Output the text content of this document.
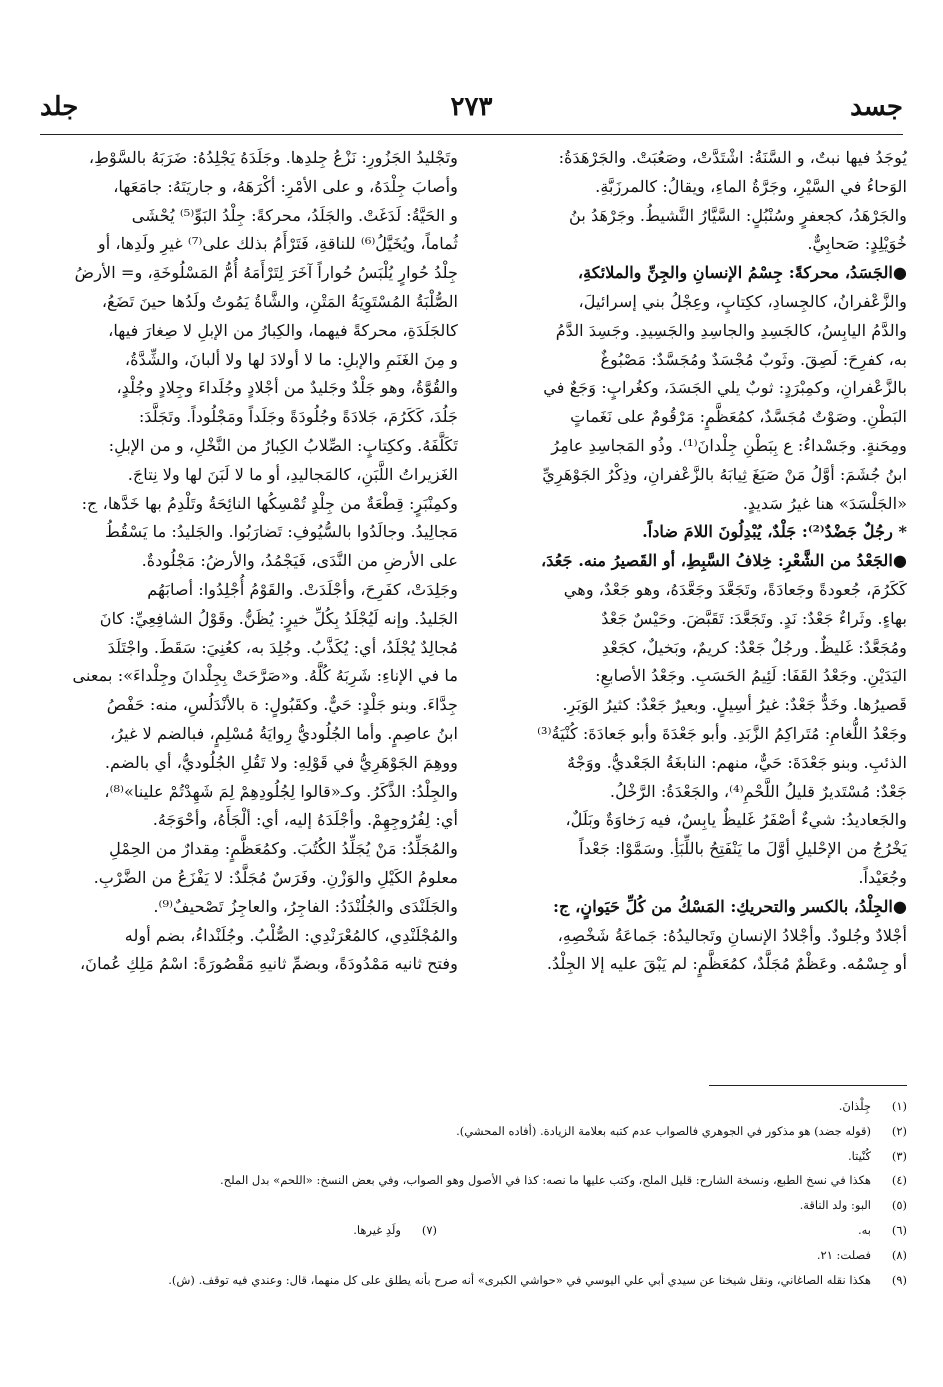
جسد
٢٧٣
جلد

يُوجَدُ فيها نبتٌ، و السَّنَةُ: اشْتَدَّتْ، وصَعُبَتْ. والجَرْهَدَةُ:

الوَحاءُ في السَّيْرِ، وجَرَّةُ الماءِ، ويقالُ: كالمرزَبَّةِ.

والجَرْهَدُ، كجعفرٍ وسُنْبُلٍ: السَّيَّارُ النَّشيطُ. وجَرْهَدُ بنُ

خُوَيْلِدٍ: صَحابِيٌّ.

●الجَسَدُ، محركةً: جِسْمُ الإنسانِ والجِنِّ والملائكةِ،

والزَّعْفرانُ، كالجِسادِ، ككِتابٍ، وعِجْلُ بني إسرائيلَ،

والدَّمُ اليابِسُ، كالجَسِدِ والجاسِدِ والجَسِيدِ. وجَسِدَ الدَّمُ

به، كفرِحَ: لَصِقَ. وثَوبٌ مُجْسَدٌ ومُجَسَّدٌ: مَصْبُوغٌ

بالزَّعْفرانِ، وكمِبْرَدٍ: ثوبٌ يلي الجَسَدَ، وكغُرابٍ: وَجَعٌ في

البَطْنِ. وصَوْتٌ مُجَسَّدٌ، كمُعَظَّمٍ: مَرْقُومٌ على نَغَماتٍ

ومِحَنةٍ. وجَسْداءُ: ع بِبَطْنِ جِلْدانَ⁽¹⁾. وذُو المَجاسِدِ عامِرُ

ابنُ جُشَمَ: أوَّلُ مَنْ صَبَغَ ثِيابَهُ بالزَّعْفرانِ، وذِكْرُ الجَوْهَرِيِّ

«الجَلْسَدَ» هنا غيرُ سَديدٍ.

* رجُلٌ جَضْدٌ⁽²⁾: جَلْدٌ، يُبْدِلُونَ اللامَ ضاداً.

●الجَعْدُ من الشَّعْرِ: خِلافُ السَّبِطِ، أو القَصيرُ منه. جَعُدَ،

كَكَرُمَ، جُعودةً وجَعادَةً، وتَجَعَّدَ وجَعَّدَهُ، وهو جَعْدٌ، وهي

بهاءٍ. وثَراءٌ جَعْدٌ: نَدٍ. وتَجَعَّدَ: تَقَبَّضَ. وحَيْسٌ جَعْدٌ

ومُجَعَّدٌ: غَليظٌ. ورجُلٌ جَعْدٌ: كريمٌ، وبَخيلٌ، كجَعْدِ

اليَدَيْنِ. وجَعْدُ القَفَا: لَئِيمُ الحَسَبِ. وجَعْدُ الأصابعِ:

قَصيرُها. وخَدٌّ جَعْدٌ: غيرُ أسِيلٍ. وبعيرٌ جَعْدٌ: كثيرُ الوَبَرِ.

وجَعْدُ اللُّغامِ: مُتَراكِمُ الزَّبَدِ. وأبو جَعْدَةَ وأبو جَعادَةَ: كُنْيَةُ⁽³⁾

الذئبِ. وبنو جَعْدَةَ: حَيٌّ، منهم: النابغَةُ الجَعْديُّ. ووَجْهٌ

جَعْدٌ: مُسْتَديرٌ قليلُ اللَّحْمِ⁽⁴⁾، والجَعْدَةُ: الرَّخْلُ.

والجَعاديدُ: شيءٌ أصْفَرُ غَليظٌ يابِسٌ، فيه رَخاوَةٌ وبَلَلٌ،

يَخْرُجُ من الإحْليلِ أوَّلَ ما يَنْفَتِحُ باللِّبَأِ. وسَمَّوْا: جَعْداً

وجُعَيْداً.

●الجِلْدُ، بالكسر والتحريكِ: المَسْكُ من كُلِّ حَيَوانٍ، ج:

أجْلادٌ وجُلودٌ. وأجْلادُ الإنسانِ وتَجاليدُهُ: جَماعَةُ شَخْصِهِ،

أو جِسْمُه. وعَظْمٌ مُجَلَّدٌ، كمُعَظَّمٍ: لم يَبْقَ عليه إلا الجِلْدُ.

وتَجْليدُ الجَزُورِ: نَزْعُ جِلدِها. وجَلَدَهُ يَجْلِدُهُ: ضَرَبَهُ بالسَّوْطِ،

وأصابَ جِلْدَهُ، و على الأمْرِ: أكْرَهَهُ، و جاريَتَهُ: جامَعَها،

و الحَيَّةُ: لَدَغَتْ. والجَلَدُ، محركةً: جِلْدُ البَوِّ⁽⁵⁾ يُحْشَى

ثُماماً، ويُخَيَّلُ⁽⁶⁾ للناقةِ، فَتَرْأَمُ بذلك على⁽⁷⁾ غيرِ ولَدِها، أو

جِلْدُ حُوارٍ يُلْبَسُ حُواراً آخَرَ لِتَرْأَمَهُ أُمُّ المَسْلُوخَةِ، و= الأرضُ

الصُّلْبَةُ المُسْتَوِيَةُ المَتْنِ، والشَّاةُ يَمُوتُ ولَدُها حينَ تَضَعُ،

كالجَلَدَةِ، محركةً فيهما، والكِبارُ من الإبلِ لا صِغارَ فيها،

و مِنَ الغَنَمِ والإبلِ: ما لا أولادَ لها ولا ألبانَ، والشِّدَّةُ،

والقُوَّةُ، وهو جَلْدٌ وجَليدٌ من أجْلادٍ وجُلَداءَ وجِلادٍ وجُلْدٍ،

جَلُدَ، كَكَرُمَ، جَلادَةً وجُلُودَةً وجَلَداً ومَجْلُوداً. وتَجَلَّدَ:

تَكَلَّفَهُ. وككِتابٍ: الصِّلابُ الكِبارُ من النَّخْلِ، و من الإبلِ:

الغَزيراتُ اللَّبَنِ، كالمَجاليدِ، أو ما لا لَبَنَ لها ولا نِتاجَ.

وكمِنْبَرٍ: قِطْعَةٌ من جِلْدٍ تُمْسِكُها النائِحَةُ وتَلْدِمُ بها خَدَّها، ج:

مَجالِيدُ. وجالَدُوا بالسُّيُوفِ: تَضارَبُوا. والجَليدُ: ما يَسْقُطُ

على الأرضِ من النَّدَى، فَيَجْمُدُ، والأرضُ: مَجْلُودةٌ.

وجَلِدَتْ، كفَرِحَ، وأجْلَدَتْ. والقَوْمُ أُجْلِدُوا: أصابَهُم

الجَليدُ. وإنه لَيُجْلَدُ بِكُلِّ خيرٍ: يُظَنُّ. وقَوْلُ الشافِعِيِّ: كانَ

مُجالِدٌ يُجْلَدُ، أي: يُكَذَّبُ. وجُلِدَ به، كعُنِيَ: سَقَطَ. واجْتَلَدَ

ما في الإناءِ: شَرِبَهُ كُلَّهُ. و«صَرَّحَتْ بِجِلْدانَ وجِلْداءَ»: بمعنى

جِدَّاءَ. وبنو جَلْدٍ: حَيٌّ. وكقَبُولٍ: ة بالأنْدَلُسِ، منه: حَفْصُ

ابنُ عاصِمٍ. وأما الجُلُوديُّ رِوايَةُ مُسْلِمٍ، فبالضم لا غيرُ،

ووهِمَ الجَوْهَرِيُّ في قَوْلِهِ: ولا تَقُلِ الجُلُوديُّ، أي بالضم.

والجِلْدُ: الذَّكَرُ. وكـ«قالوا لِجُلُودِهِمْ لِمَ شَهِدْتُمْ علينا»⁽⁸⁾،

أي: لِفُرُوجِهِمْ. وأجْلَدَهُ إليه، أي: ألْجَأَهُ، وأحْوَجَهُ.

والمُجَلِّدُ: مَنْ يُجَلِّدُ الكُتُبَ. وكمُعَظَّمٍ: مِقدارٌ من الحِمْلِ

معلومُ الكَيْلِ والوَزْنِ. وفَرَسٌ مُجَلَّدٌ: لا يَفْزَعُ من الضَّرْبِ.

والجَلَنْدَى والجُلُنْدَدُ: الفاجِرُ، والعاجِزُ تَصْحيفٌ⁽⁹⁾.

والمُجْلَنْدِي، كالمُعْرَنْدِي: الصُّلْبُ. وجُلَنْداءُ، بضم أوله

وفتح ثانيه مَمْدُودَةً، وبضمِّ ثانيهِ مَقْصُورَةً: اسْمُ مَلِكِ عُمانَ،

(١)جِلْذانَ.
(٢)(قوله جضد) هو مذكور في الجوهري فالصواب عدم كتبه بعلامة الزيادة. (أفاده المحشي).
(٣)كُنْيتا.
(٤)هكذا في نسخ الطبع، ونسخة الشارح: قليل الملح، وكتب عليها ما نصه: كذا في الأصول وهو الصواب، وفي بعض النسخ: «اللحم» بدل الملح.
(٥)البو: ولد الناقة.
(٦)به.
(٧)ولَدِ غيرها.
(٨)فصلت: ٢١.
(٩)هكذا نقله الصاغاني، ونقل شيخنا عن سيدي أبي علي اليوسي في «حواشي الكبرى» أنه صرح بأنه يطلق على كل منهما، قال: وعندي فيه توقف. (ش).
